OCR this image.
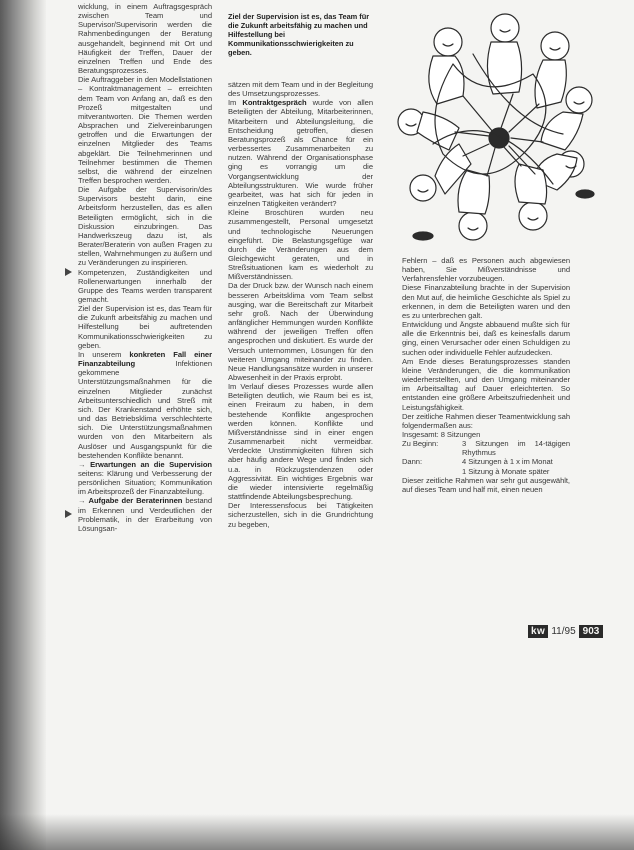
wicklung, in einem Auftragsgespräch zwischen Team und Supervisor/Supervisorin werden die Rahmenbedingungen der Beratung ausgehandelt, beginnend mit Ort und Häufigkeit der Treffen, Dauer der einzelnen Treffen und Ende des Beratungsprozesses.

Die Auftraggeber in den Modellstationen – Kontraktmanagement – erreichten dem Team von Anfang an, daß es den Prozeß mitgestalten und mitverantworten. Die Themen werden Absprachen und Zielvereinbarungen getroffen und die Erwartungen der einzelnen Mitglieder des Teams abgeklärt. Die Teilnehmerinnen und Teilnehmer bestimmen die Themen selbst, die während der einzelnen Treffen besprochen werden.

Die Aufgabe der Supervisorin/des Supervisors besteht darin, eine Arbeitsform herzustellen, das es allen Beteiligten ermöglicht, sich in die Diskussion einzubringen. Das Handwerkszeug dazu ist, als Berater/Beraterin von außen Fragen zu stellen, Wahrnehmungen zu äußern und zu Veränderungen zu inspirieren.

Kompetenzen, Zuständigkeiten und Rollenerwartungen innerhalb der Gruppe des Teams werden transparent gemacht.

Ziel der Supervision ist es, das Team für die Zukunft arbeitsfähig zu machen und Hilfestellung bei auftretenden Kommunikationsschwierigkeiten zu geben.

In unserem konkreten Fall einer Finanzabteilung	Infektionen gekommene Unterstützungsmaßnahmen für die einzelnen Mitglieder zunächst Arbeitsunterschiedlich und Streß mit sich. Der Krankenstand erhöhte sich, und das Betriebsklima verschlechterte sich. Die Unterstützungsmaßnahmen wurden von den Mitarbeitern als Auslöser und Ausgangspunkt für die bestehenden Konflikte benannt.

→ Erwartungen an die Supervision seitens: Klärung und Verbesserung der persönlichen Situation; Kommunikation im Arbeitsprozeß der Finanzabteilung.

→ Aufgabe der Beraterinnen bestand im Erkennen und Verdeutlichen der Problematik, in der Erarbeitung von Lösungsan-

Ziel der Supervision ist es, das Team für die Zukunft arbeitsfähig zu machen und Hilfestellung bei Kommunikationsschwierigkeiten zu geben.

sätzen mit dem Team und in der Begleitung des Umsetzungsprozesses.

Im Kontraktgespräch wurde von allen Beteiligten der Abteilung, Mitarbeiterinnen, Mitarbeitern und Abteilungsleitung, die Entscheidung getroffen, diesen Beratungsprozeß als Chance für ein verbessertes Zusammenarbeiten zu nutzen. Während der Organisationsphase ging es vorrangig um die Vorgangsentwicklung der Abteilungsstrukturen. Wie wurde früher gearbeitet, was hat sich für jeden in einzelnen Tätigkeiten verändert?

Kleine Broschüren wurden neu zusammengestellt, Personal umgesetzt und technologische Neuerungen eingeführt. Die Belastungsgefüge war durch die Veränderungen aus dem Gleichgewicht geraten, und in Streßsituationen kam es wiederholt zu Mißverständnissen.

Da der Druck bzw. der Wunsch nach einem besseren Arbeitsklima vom Team selbst ausging, war die Bereitschaft zur Mitarbeit sehr groß. Nach der Überwindung anfänglicher Hemmungen wurden Konflikte während der jeweiligen Treffen offen angesprochen und diskutiert. Es wurde der Versuch unternommen, Lösungen für den weiteren Umgang miteinander zu finden. Neue Handlungsansätze wurden in unserer Abwesenheit in der Praxis erprobt.

Im Verlauf dieses Prozesses wurde allen Beteiligten deutlich, wie Raum bei es ist, einen Freiraum zu haben, in dem bestehende Konflikte angesprochen werden können. Konflikte und Mißverständnisse sind in einer engen Zusammenarbeit nicht vermeidbar. Verdeckte Unstimmigkeiten führen sich aber häufig andere Wege und finden sich u.a. in Rückzugstendenzen oder Aggressivität. Ein wichtiges Ergebnis war die wieder intensivierte regelmäßig stattfindende Abteilungsbesprechung.

Der Interessensfocus bei Tätigkeiten sicherzustellen, sich in die Grundrichtung zu begeben,

Fehlern – daß es Personen auch abgewiesen haben, Sie Mißverständnisse und Verfahrensfehler vorzubeugen.

Diese Finanzabteilung brachte in der Supervision den Mut auf, die heimliche Geschichte als Spiel zu erkennen, in dem die Beteiligten waren und den es zu unterbrechen galt.

Entwicklung und Ängste abbauend mußte sich für alle die Erkenntnis bei, daß es keinesfalls darum ging, einen Verursacher oder einen Schuldigen zu suchen oder individuelle Fehler aufzudecken.

Am Ende dieses Beratungsprozesses standen kleine Veränderungen, die die kommunikation wiederherstellten, und den Umgang miteinander im Arbeitsalltag auf Dauer erleichterten. So entstanden eine größere Arbeitszufriedenheit und Leistungsfähigkeit.

Der zeitliche Rahmen dieser Teamentwicklung sah folgendermaßen aus:

Insgesamt: 8 Sitzungen

Zu Beginn:	3 Sitzungen im 14-tägigen Rhythmus
Dann:	4 Sitzungen à 1 x im Monat
1 Sitzung à Monate später

Dieser zeitliche Rahmen war sehr gut ausgewählt, auf dieses Team und half mit, einen neuen

kw 11/95 903
